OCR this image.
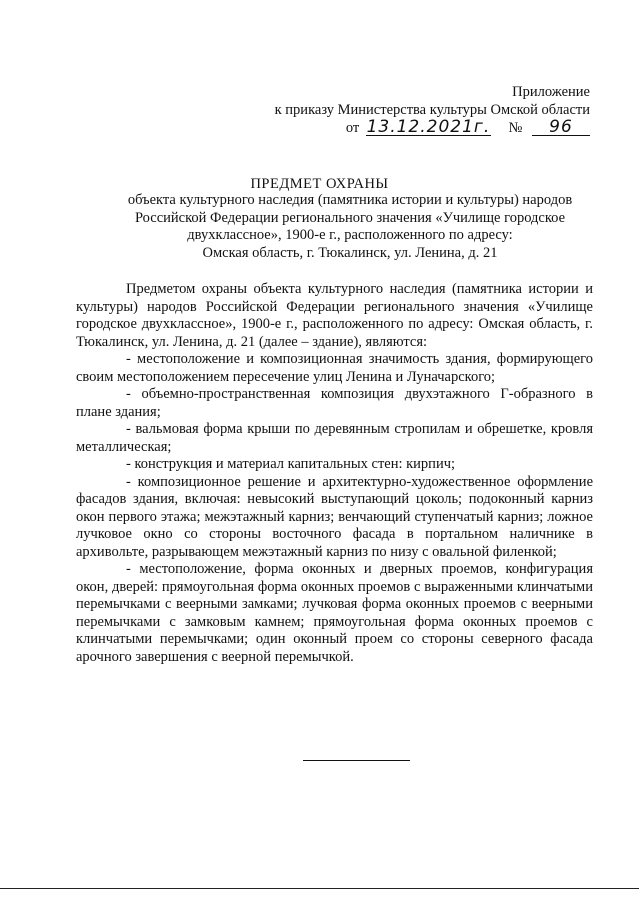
Приложение
к приказу Министерства культуры Омской области
от 13.12.2021г. № 96
ПРЕДМЕТ ОХРАНЫ
объекта культурного наследия (памятника истории и культуры) народов
Российской Федерации регионального значения «Училище городское
двухклассное», 1900-е г., расположенного по адресу:
Омская область, г. Тюкалинск, ул. Ленина, д. 21

Предметом охраны объекта культурного наследия (памятника истории и культуры) народов Российской Федерации регионального значения «Училище городское двухклассное», 1900-е г., расположенного по адресу: Омская область, г. Тюкалинск, ул. Ленина, д. 21 (далее – здание), являются:

- местоположение и композиционная значимость здания, формирующего своим местоположением пересечение улиц Ленина и Луначарского;

- объемно-пространственная композиция двухэтажного Г-образного в плане здания;

- вальмовая форма крыши по деревянным стропилам и обрешетке, кровля металлическая;

- конструкция и материал капитальных стен: кирпич;

- композиционное решение и архитектурно-художественное оформление фасадов здания, включая: невысокий выступающий цоколь; подоконный карниз окон первого этажа; межэтажный карниз; венчающий ступенчатый карниз; ложное лучковое окно со стороны восточного фасада в портальном наличнике в архивольте, разрывающем межэтажный карниз по низу с овальной филенкой;

- местоположение, форма оконных и дверных проемов, конфигурация окон, дверей: прямоугольная форма оконных проемов с выраженными клинчатыми перемычками с веерными замками; лучковая форма оконных проемов с веерными перемычками с замковым камнем; прямоугольная форма оконных проемов с клинчатыми перемычками; один оконный проем со стороны северного фасада арочного завершения с веерной перемычкой.
